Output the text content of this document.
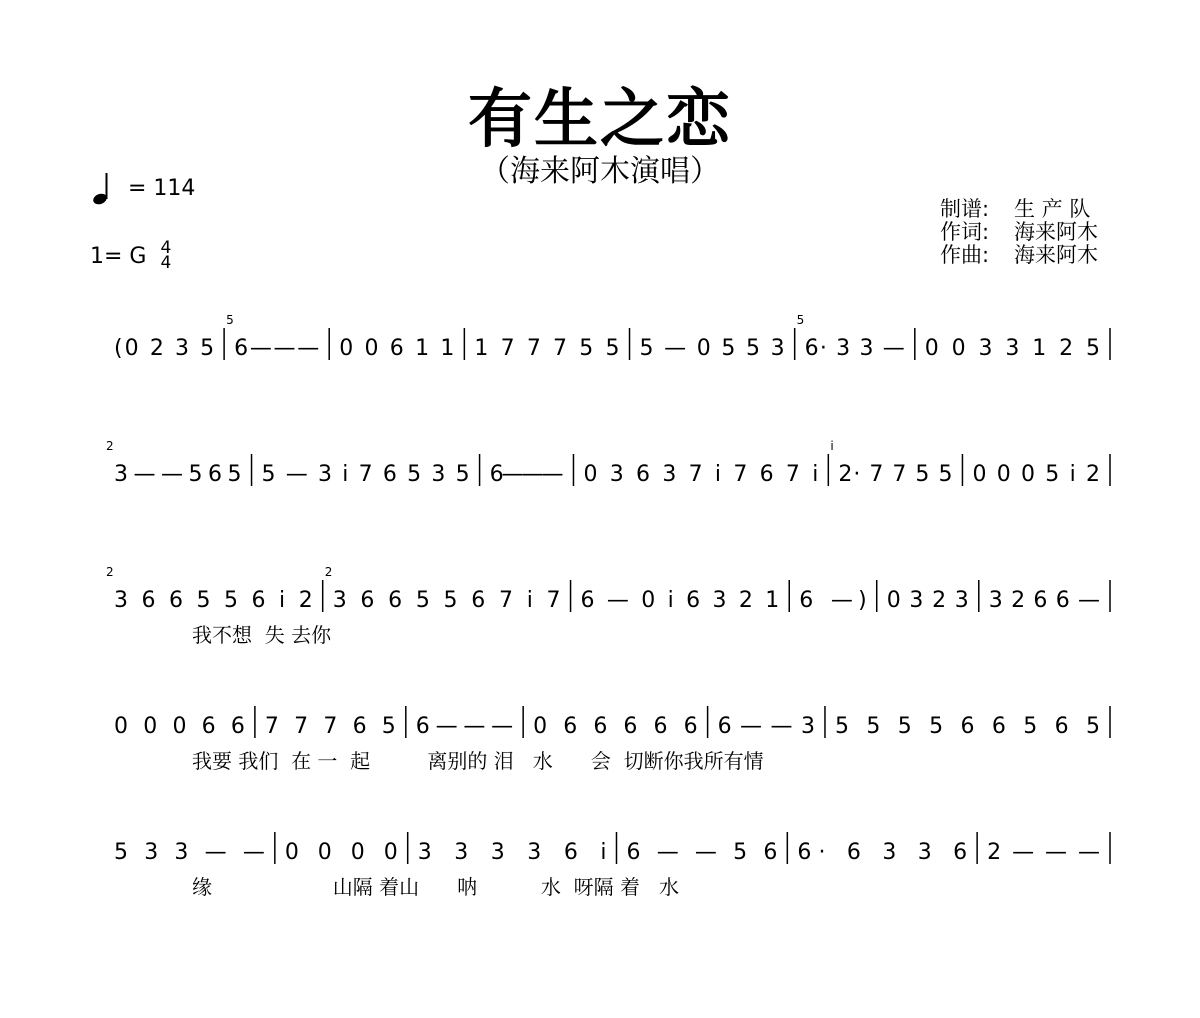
有生之恋
（海来阿木演唱）
= 114
1= G 4
4
制谱:	生 产 队
作词:	海来阿木
作曲:	海来阿木
(0 2 3 5
5
6 — — — 0 0 6 1 1 1 7 7 7 5 5 5 — 0 5 5 3
5
6· 3 3 — 0 0 3 3 1 2 5
2
3 — — 5 6 5 5 — 3 i 7 6 5 3 5 6 — — — 0 3 6 3 7 i 7 6 7 i
i
2· 7 7 5 5 0 0 0 5 i 2
2
3 6 6 5 5 6 i 2
2
3 6 6 5 5 6 7 i 7 6 — 0 i 6 3 2 1 6 —) 0 3 2 3 3 2 6 6 —
我不想  失 去你
0 0 0 6 6 7 7 7 6 5 6 — — — 0 6 6 6 6 6 6 — — 3 5 5 5 5 6 6 5 6 5
我要 我们  在 一  起         离别的 泪   水      会  切断你我所有情
5 3 3 — — 0 0 0 0 3 3 3 3 6 i 6 — — 5 6 6· 6 3 3 6 2 — — —
缘                   山隔 着山      呐          水  呀隔 着   水
